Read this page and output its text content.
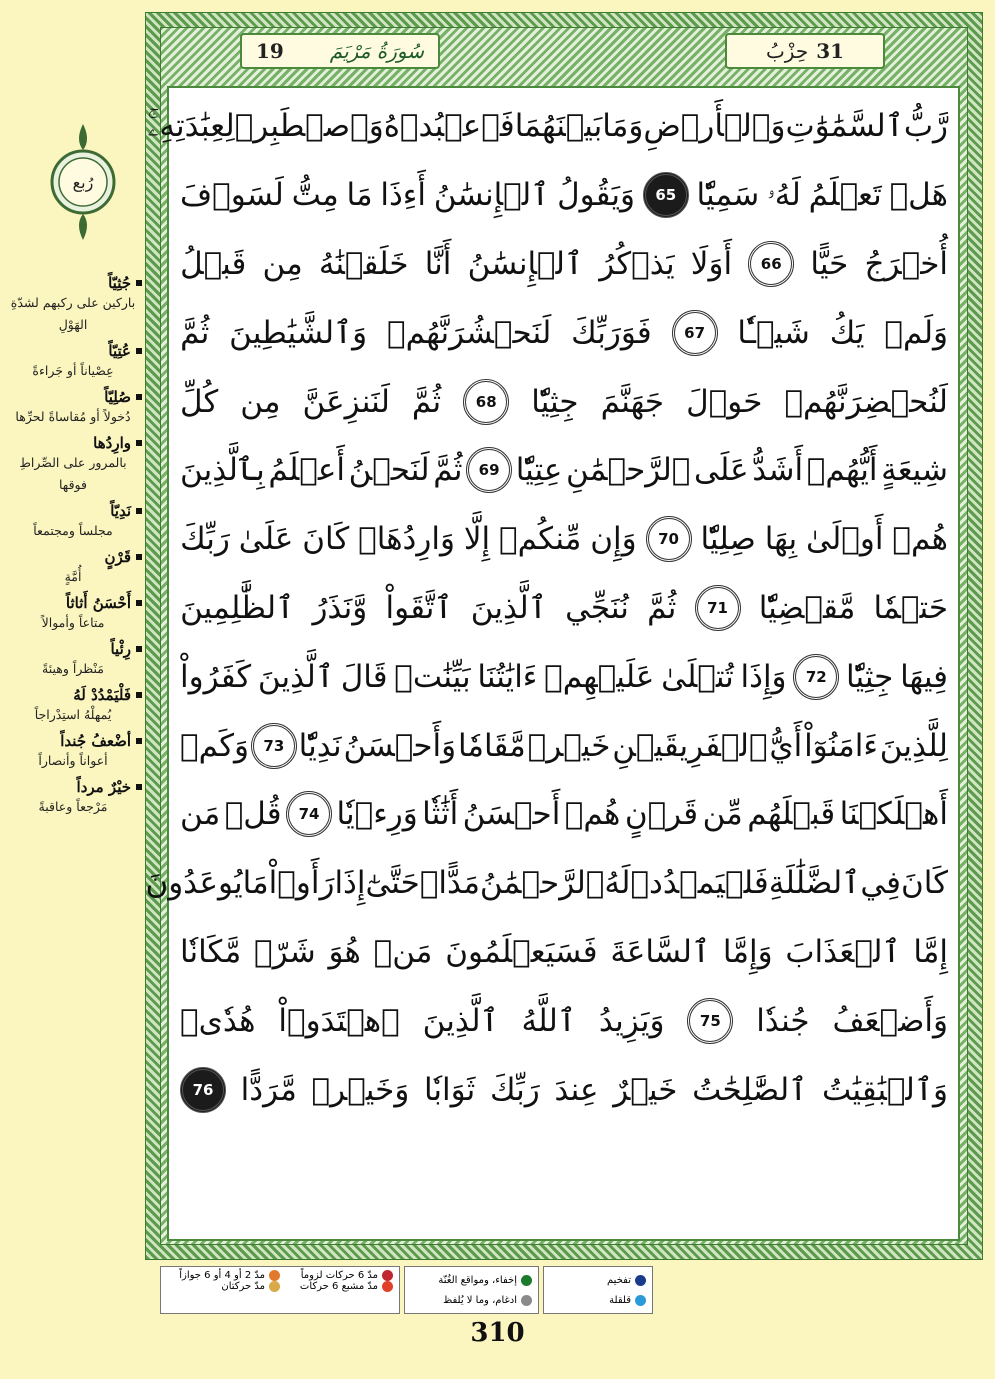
19 سُورَةُ مَرْيَمَ	حِزْبُ 31
رُبع
رَّبُّ
ٱلسَّمَٰوَٰتِ
وَٱلۡأَرۡضِ
وَمَا
بَيۡنَهُمَا
فَٱعۡبُدۡهُ
وَٱصۡطَبِرۡ
لِعِبَٰدَتِهِۦۚ
هَلۡ
تَعۡلَمُ
لَهُۥ
سَمِيّٗا
65
وَيَقُولُ
ٱلۡإِنسَٰنُ
أَءِذَا
مَا
مِتُّ
لَسَوۡفَ
أُخۡرَجُ
حَيًّا
66
أَوَلَا
يَذۡكُرُ
ٱلۡإِنسَٰنُ
أَنَّا
خَلَقۡنَٰهُ
مِن
قَبۡلُ
وَلَمۡ
يَكُ
شَيۡـٔٗا
67
فَوَرَبِّكَ
لَنَحۡشُرَنَّهُمۡ
وَٱلشَّيَٰطِينَ
ثُمَّ
لَنُحۡضِرَنَّهُمۡ
حَوۡلَ
جَهَنَّمَ
جِثِيّٗا
68
ثُمَّ
لَنَنزِعَنَّ
مِن
كُلِّ
شِيعَةٍ
أَيُّهُمۡ
أَشَدُّ
عَلَى
ٱلرَّحۡمَٰنِ
عِتِيّٗا
69
ثُمَّ
لَنَحۡنُ
أَعۡلَمُ
بِٱلَّذِينَ
هُمۡ
أَوۡلَىٰ
بِهَا
صِلِيّٗا
70
وَإِن
مِّنكُمۡ
إِلَّا
وَارِدُهَاۚ
كَانَ
عَلَىٰ
رَبِّكَ
حَتۡمٗا
مَّقۡضِيّٗا
71
ثُمَّ
نُنَجِّي
ٱلَّذِينَ
ٱتَّقَواْ
وَّنَذَرُ
ٱلظَّٰلِمِينَ
فِيهَا
جِثِيّٗا
72
وَإِذَا
تُتۡلَىٰ
عَلَيۡهِمۡ
ءَايَٰتُنَا
بَيِّنَٰتٖ
قَالَ
ٱلَّذِينَ
كَفَرُواْ
لِلَّذِينَ
ءَامَنُوٓاْ
أَيُّ
ٱلۡفَرِيقَيۡنِ
خَيۡرٞ
مَّقَامٗا
وَأَحۡسَنُ
نَدِيّٗا
73
وَكَمۡ
أَهۡلَكۡنَا
قَبۡلَهُم
مِّن
قَرۡنٍ
هُمۡ
أَحۡسَنُ
أَثَٰثٗا
وَرِءۡيٗا
74
قُلۡ
مَن
كَانَ
فِي
ٱلضَّلَٰلَةِ
فَلۡيَمۡدُدۡ
لَهُ
ٱلرَّحۡمَٰنُ
مَدًّاۚ
حَتَّىٰٓ
إِذَا
رَأَوۡاْ
مَا
يُوعَدُونَ
إِمَّا
ٱلۡعَذَابَ
وَإِمَّا
ٱلسَّاعَةَ
فَسَيَعۡلَمُونَ
مَنۡ
هُوَ
شَرّٞ
مَّكَانٗا
وَأَضۡعَفُ
جُندٗا
75
وَيَزِيدُ
ٱللَّهُ
ٱلَّذِينَ
ٱهۡتَدَوۡاْ
هُدٗىۗ
وَٱلۡبَٰقِيَٰتُ
ٱلصَّٰلِحَٰتُ
خَيۡرٌ
عِندَ
رَبِّكَ
ثَوَابٗا
وَخَيۡرٞ
مَّرَدًّا
76
جُثِيّاً
باركين على ركبهم لشدّةِ الهَوْلِ
عُتِيّاً
عِصْياناً أو جَراءةً
صُلِيّاً
دُخولاً أو مُقاساةً لحرِّها
وارِدُها
بالمرور على الصِّراطِ فوقها
نَدِيّاً
مجلساً ومجتمعاً
قَرْنٍ
أُمَّةٍ
أَحْسَنُ أَثاثاً
متاعاً وأموالاً
رِئْياً
مَنْظراً وهيئةً
فَلْيَمْدُدْ لَهُ
يُمهلْهُ استِدْراجاً
أضْعفُ جُنداً
أعواناً وأنصاراً
خيْرٌ مرداً
مَرْجعاً وعاقبةً
مدّ 6 حركات لزوماً
مدّ مشبع 6 حركات
مدّ 2 أو 4 أو 6 جوازاً
مدّ حركتان
إخفاء، ومواقع الغُنّة
ادغام، وما لا يُلفظ
تفخيم
قلقلة
310
